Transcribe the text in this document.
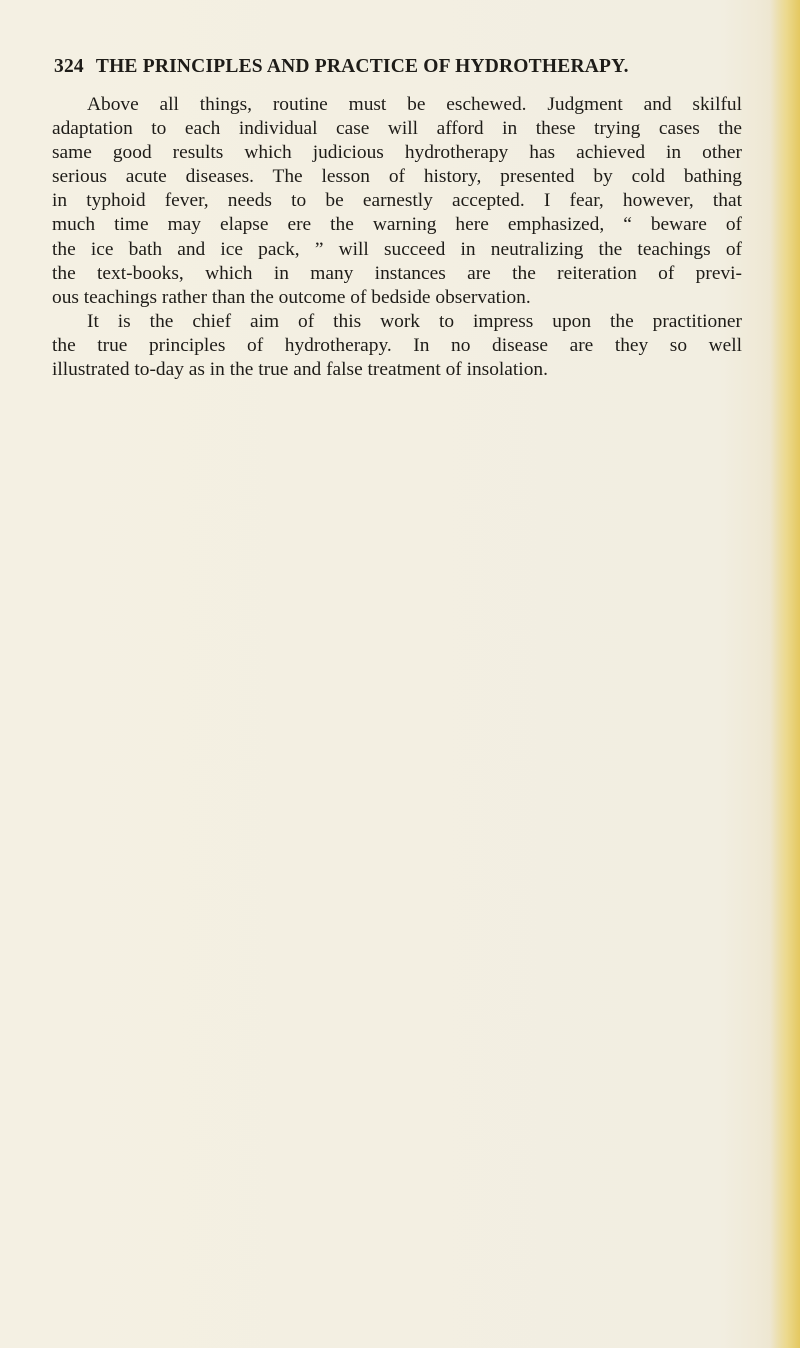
324 THE PRINCIPLES AND PRACTICE OF HYDROTHERAPY.
Above all things, routine must be eschewed. Judgment and skilful
adaptation to each individual case will afford in these trying cases the
same good results which judicious hydrotherapy has achieved in other
serious acute diseases. The lesson of history, presented by cold bathing
in typhoid fever, needs to be earnestly accepted. I fear, however, that
much time may elapse ere the warning here emphasized, “ beware of
the ice bath and ice pack, ” will succeed in neutralizing the teachings of
the text-books, which in many instances are the reiteration of previ-
ous teachings rather than the outcome of bedside observation.
It is the chief aim of this work to impress upon the practitioner
the true principles of hydrotherapy. In no disease are they so well
illustrated to-day as in the true and false treatment of insolation.
